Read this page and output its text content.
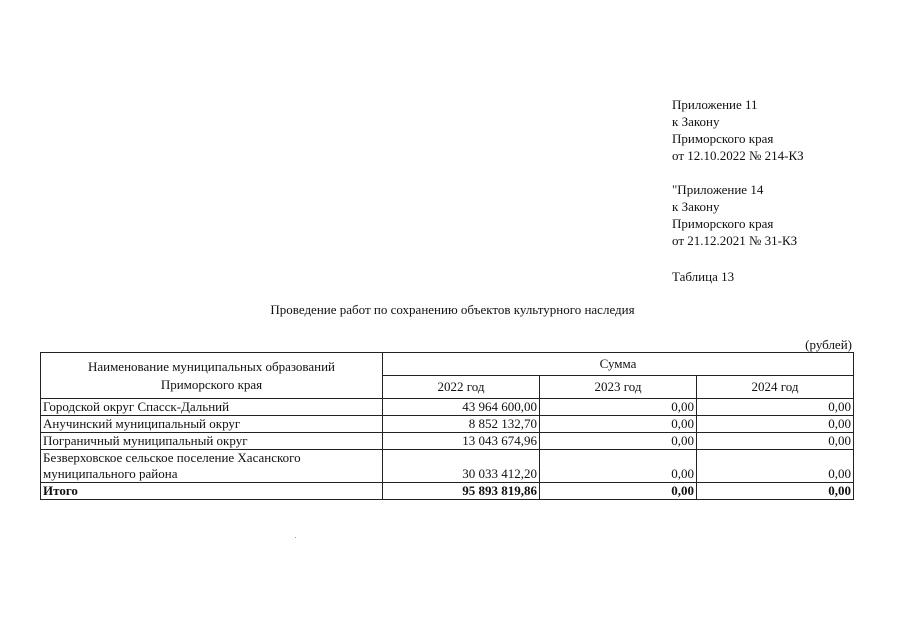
Приложение 11
к Закону
Приморского края
от 12.10.2022 № 214-КЗ
"Приложение 14
к Закону
Приморского края
от 21.12.2021 № 31-КЗ
Таблица 13
Проведение работ по сохранению объектов культурного наследия
(рублей)
Наименование муниципальных образований
Приморского края	Сумма		
	2022 год	2023 год	2024 год
Городской округ Спасск-Дальний	43 964 600,00	0,00	0,00
Анучинский муниципальный округ	8 852 132,70	0,00	0,00
Пограничный муниципальный округ	13 043 674,96	0,00	0,00
Безверховское сельское поселение Хасанского
муниципального района	30 033 412,20	0,00	0,00
Итого	95 893 819,86	0,00	0,00
